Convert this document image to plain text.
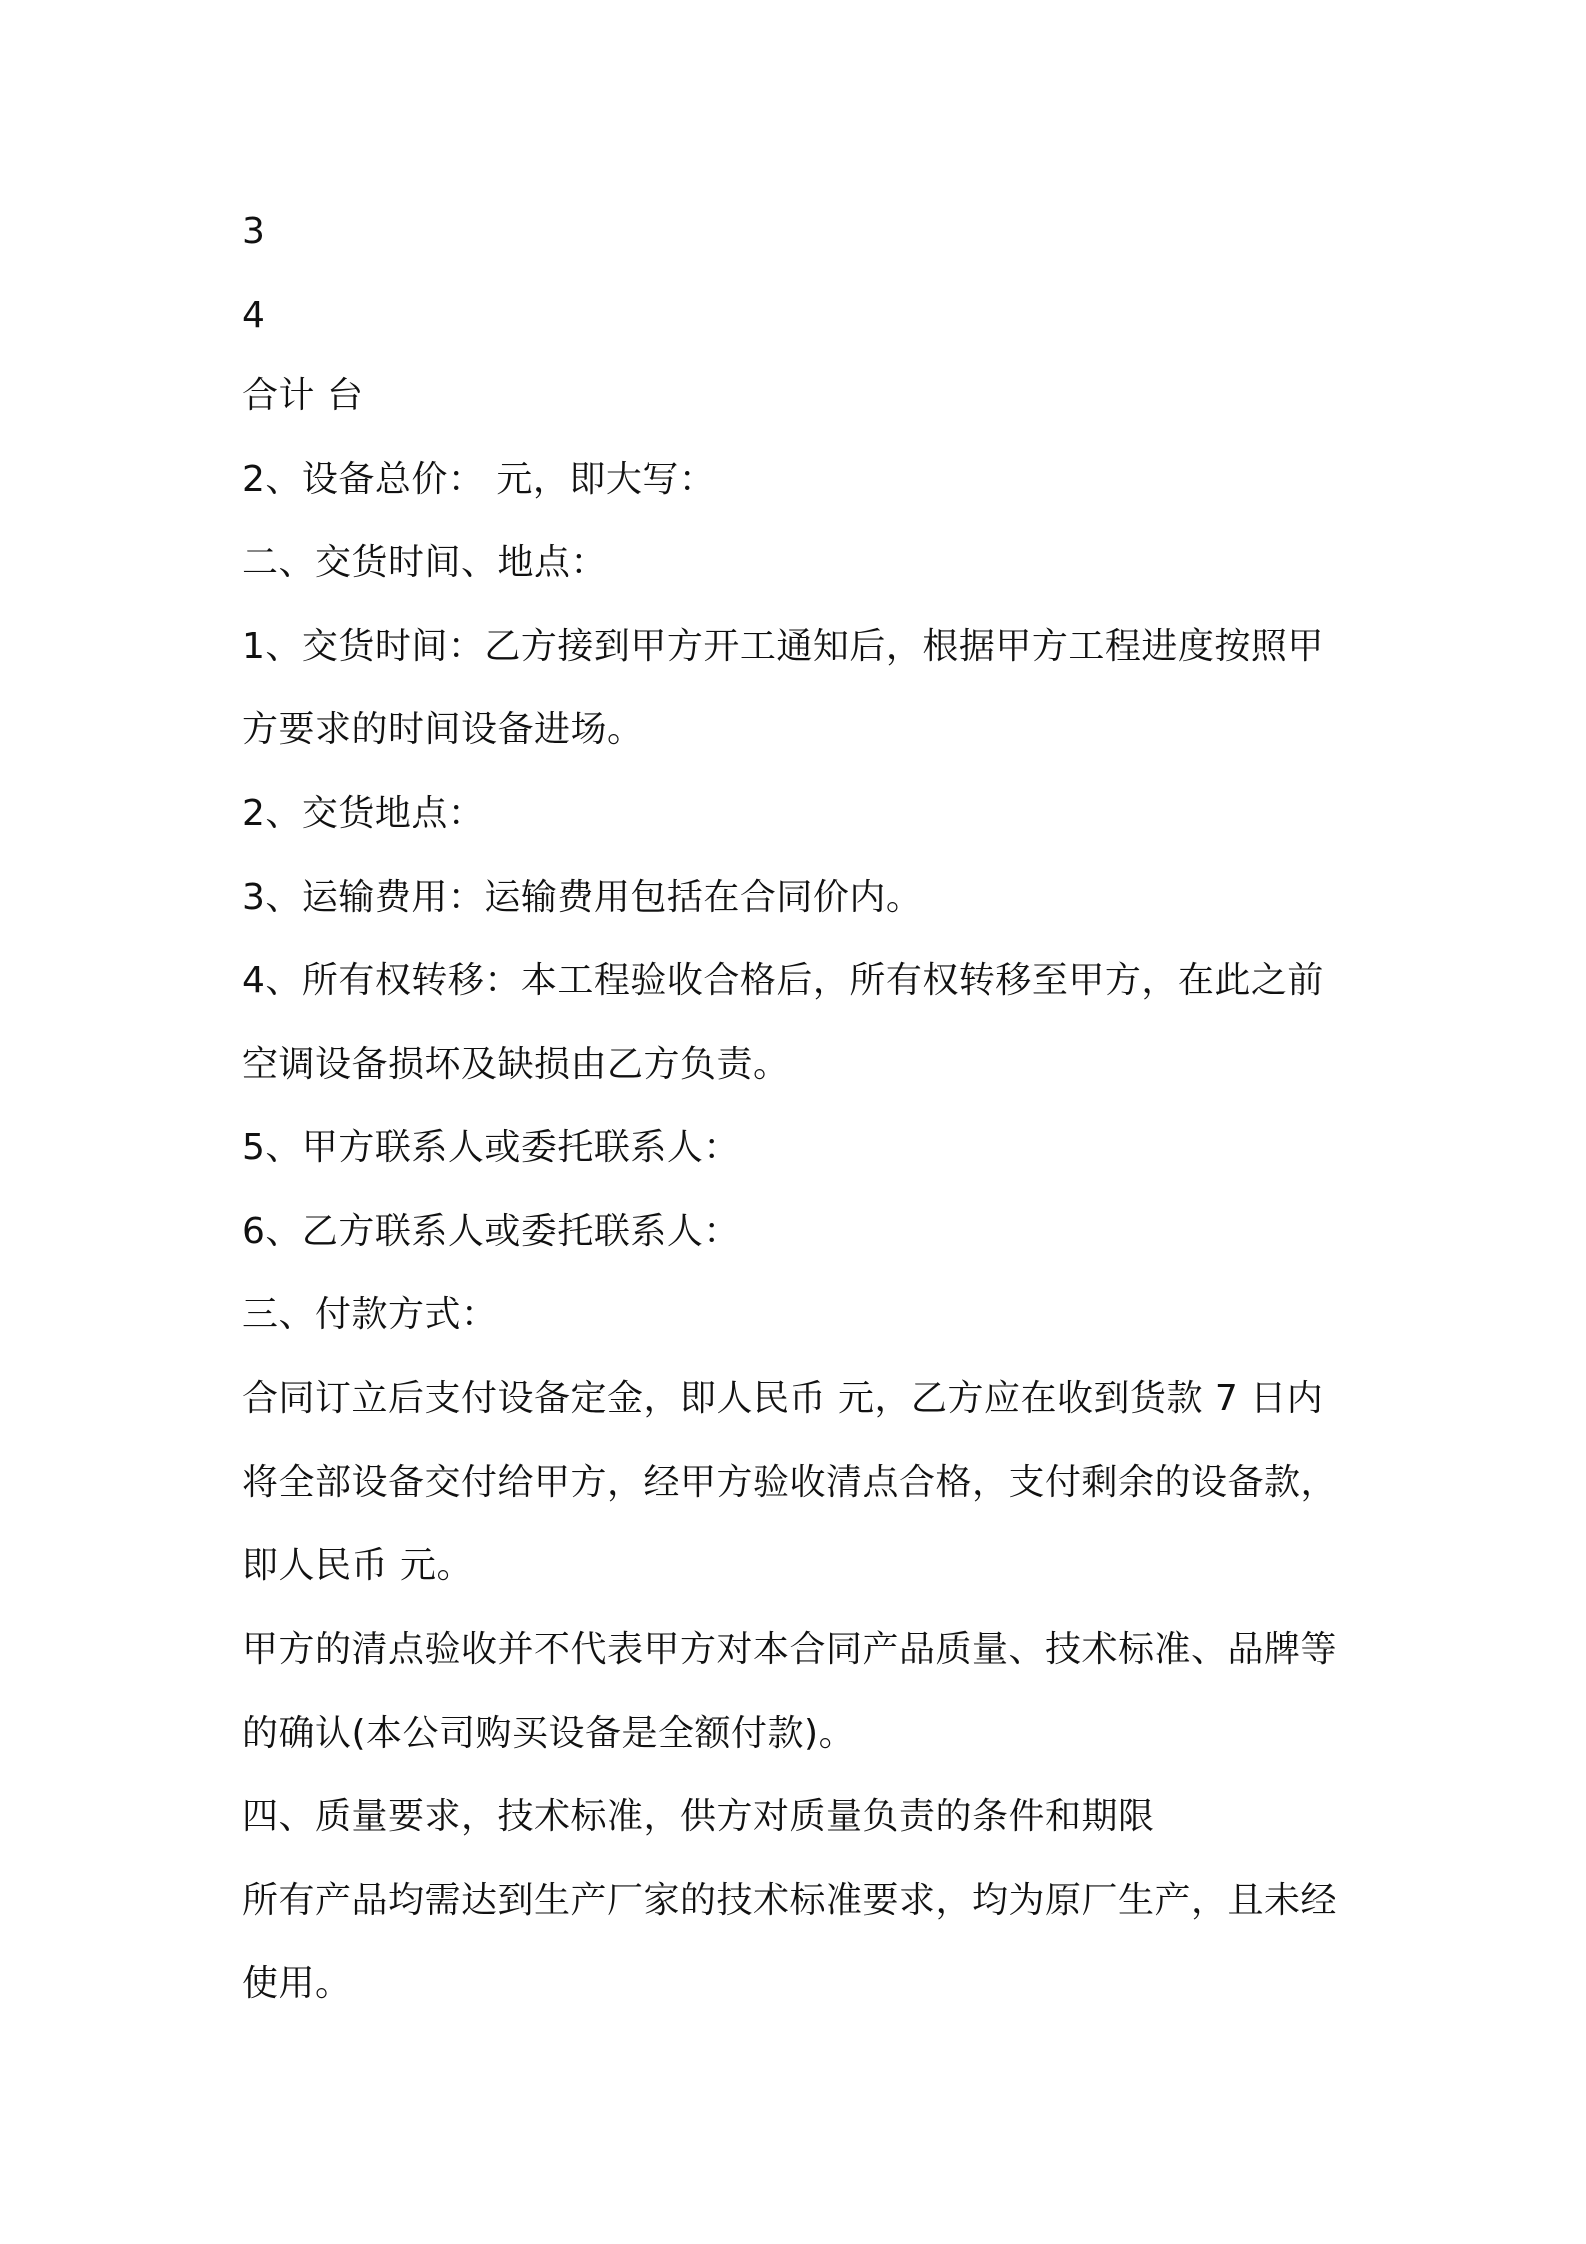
3
4
合计 台
2、设备总价： 元，即大写：
二、交货时间、地点：
1、交货时间：乙方接到甲方开工通知后，根据甲方工程进度按照甲
方要求的时间设备进场。
2、交货地点：
3、运输费用：运输费用包括在合同价内。
4、所有权转移：本工程验收合格后，所有权转移至甲方，在此之前
空调设备损坏及缺损由乙方负责。
5、甲方联系人或委托联系人：
6、乙方联系人或委托联系人：
三、付款方式：
合同订立后支付设备定金，即人民币 元，乙方应在收到货款 7 日内
将全部设备交付给甲方，经甲方验收清点合格，支付剩余的设备款，
即人民币 元。
甲方的清点验收并不代表甲方对本合同产品质量、技术标准、品牌等
的确认(本公司购买设备是全额付款)。
四、质量要求，技术标准，供方对质量负责的条件和期限
所有产品均需达到生产厂家的技术标准要求，均为原厂生产，且未经
使用。
